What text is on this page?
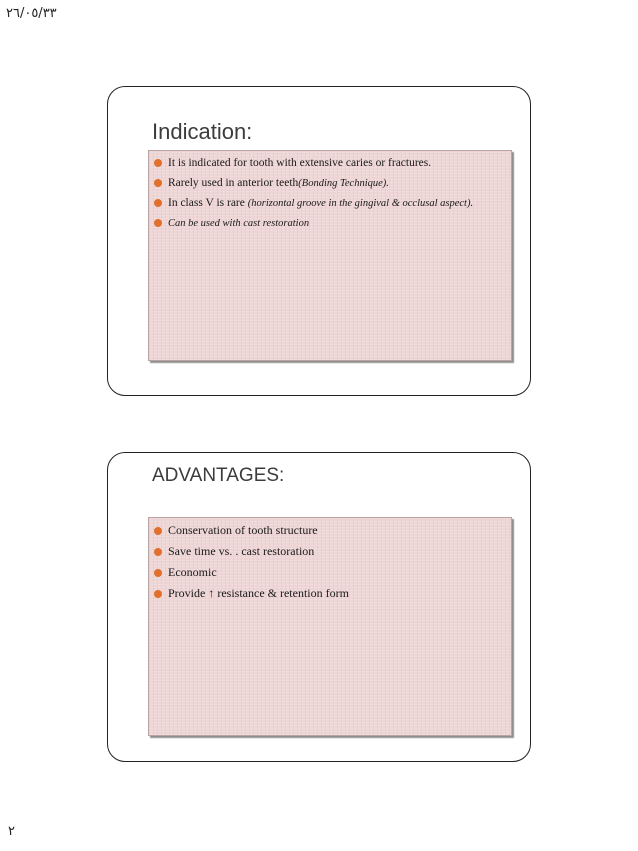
٢٦/٠٥/٣٣
Indication:
It is indicated for tooth with extensive caries or fractures.
Rarely used in anterior teeth(Bonding Technique).
In class V is rare (horizontal groove in the gingival & occlusal aspect).
Can be used with cast restoration
ADVANTAGES:
Conservation of tooth structure
Save time vs. . cast restoration
Economic
Provide ↑ resistance & retention form
٢
